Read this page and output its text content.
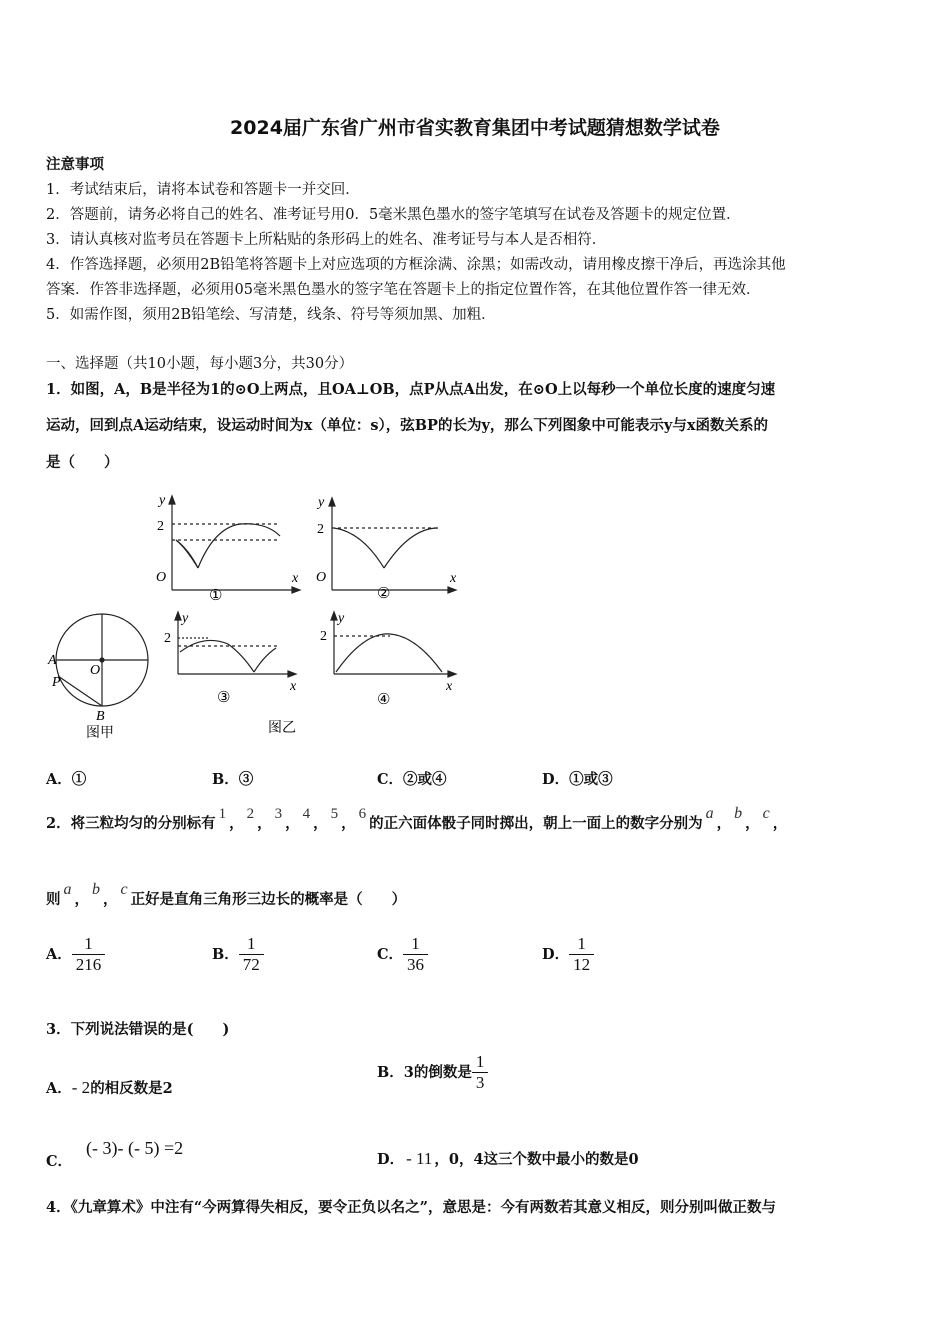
2024届广东省广州市省实教育集团中考试题猜想数学试卷
注意事项
1．考试结束后，请将本试卷和答题卡一并交回．
2．答题前，请务必将自己的姓名、准考证号用0．5毫米黑色墨水的签字笔填写在试卷及答题卡的规定位置．
3．请认真核对监考员在答题卡上所粘贴的条形码上的姓名、准考证号与本人是否相符．
4．作答选择题，必须用2B铅笔将答题卡上对应选项的方框涂满、涂黑；如需改动，请用橡皮擦干净后，再选涂其他
答案．作答非选择题，必须用05毫米黑色墨水的签字笔在答题卡上的指定位置作答，在其他位置作答一律无效．
5．如需作图，须用2B铅笔绘、写清楚，线条、符号等须加黑、加粗．
一、选择题（共10小题，每小题3分，共30分）
1．如图，A，B是半径为1的⊙O上两点，且OA⊥OB，点P从点A出发，在⊙O上以每秒一个单位长度的速度匀速
运动，回到点A运动结束，设运动时间为x（单位：s），弦BP的长为y，那么下列图象中可能表示y与x函数关系的
是（　　）
y
2
O	x
①
y
2
O	x
②
A
P
O
B
图甲
y
2
x
③
图乙
y
2
x
④
A．①	B．③	C．②或④	D．①或③
2．将三粒均匀的分别标有1，2，3，4，5，6的正六面体骰子同时掷出，朝上一面上的数字分别为a，b，c，
则a，b，c正好是直角三角形三边长的概率是（　　）
A． $\frac{1}{216}$	B． $\frac{1}{72}$	C． $\frac{1}{36}$	D． $\frac{1}{12}$
3．下列说法错误的是(　　)
A．- 2的相反数是2
B．3的倒数是 $\frac{1}{3}$
C．(- 3)- (- 5) =2
D． - 11 ，0，4这三个数中最小的数是0
4．《九章算术》中注有“今两算得失相反，要令正负以名之”，意思是：今有两数若其意义相反，则分别叫做正数与
